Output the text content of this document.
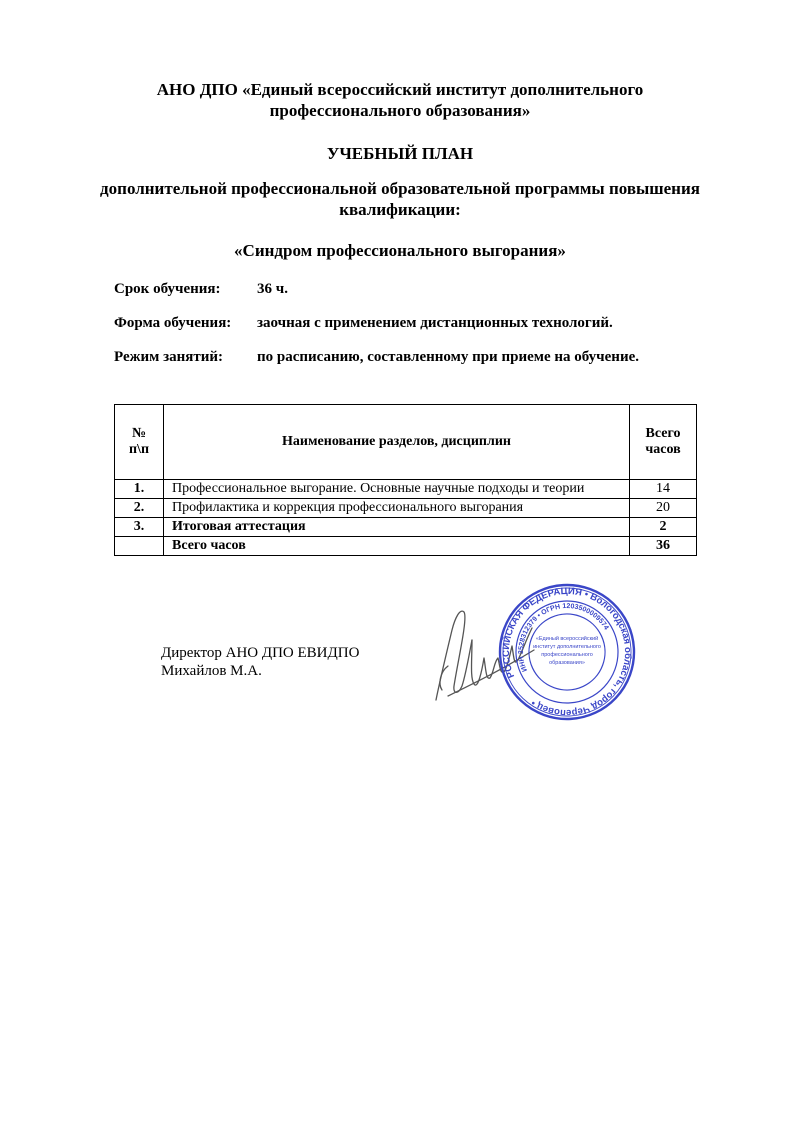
АНО ДПО «Единый всероссийский институт дополнительного профессионального образования»
УЧЕБНЫЙ ПЛАН
дополнительной профессиональной образовательной программы повышения квалификации:
«Синдром профессионального выгорания»
Срок обучения: 36 ч.
Форма обучения: заочная с применением дистанционных технологий.
Режим занятий: по расписанию, составленному при приеме на обучение.
№ п\п	Наименование разделов, дисциплин	Всего часов
1.	Профессиональное выгорание. Основные научные подходы и теории	14
2.	Профилактика и коррекция профессионального выгорания	20
3.	Итоговая аттестация	2
	Всего часов	36
Директор АНО ДПО ЕВИДПО
Михайлов М.А.	РОССИЙСКАЯ ФЕДЕРАЦИЯ • Вологодская область, город Череповец •
ИНН 3528312379 • ОГРН 1203500009574
«Единый всероссийский
институт дополнительного
профессионального
образования»
